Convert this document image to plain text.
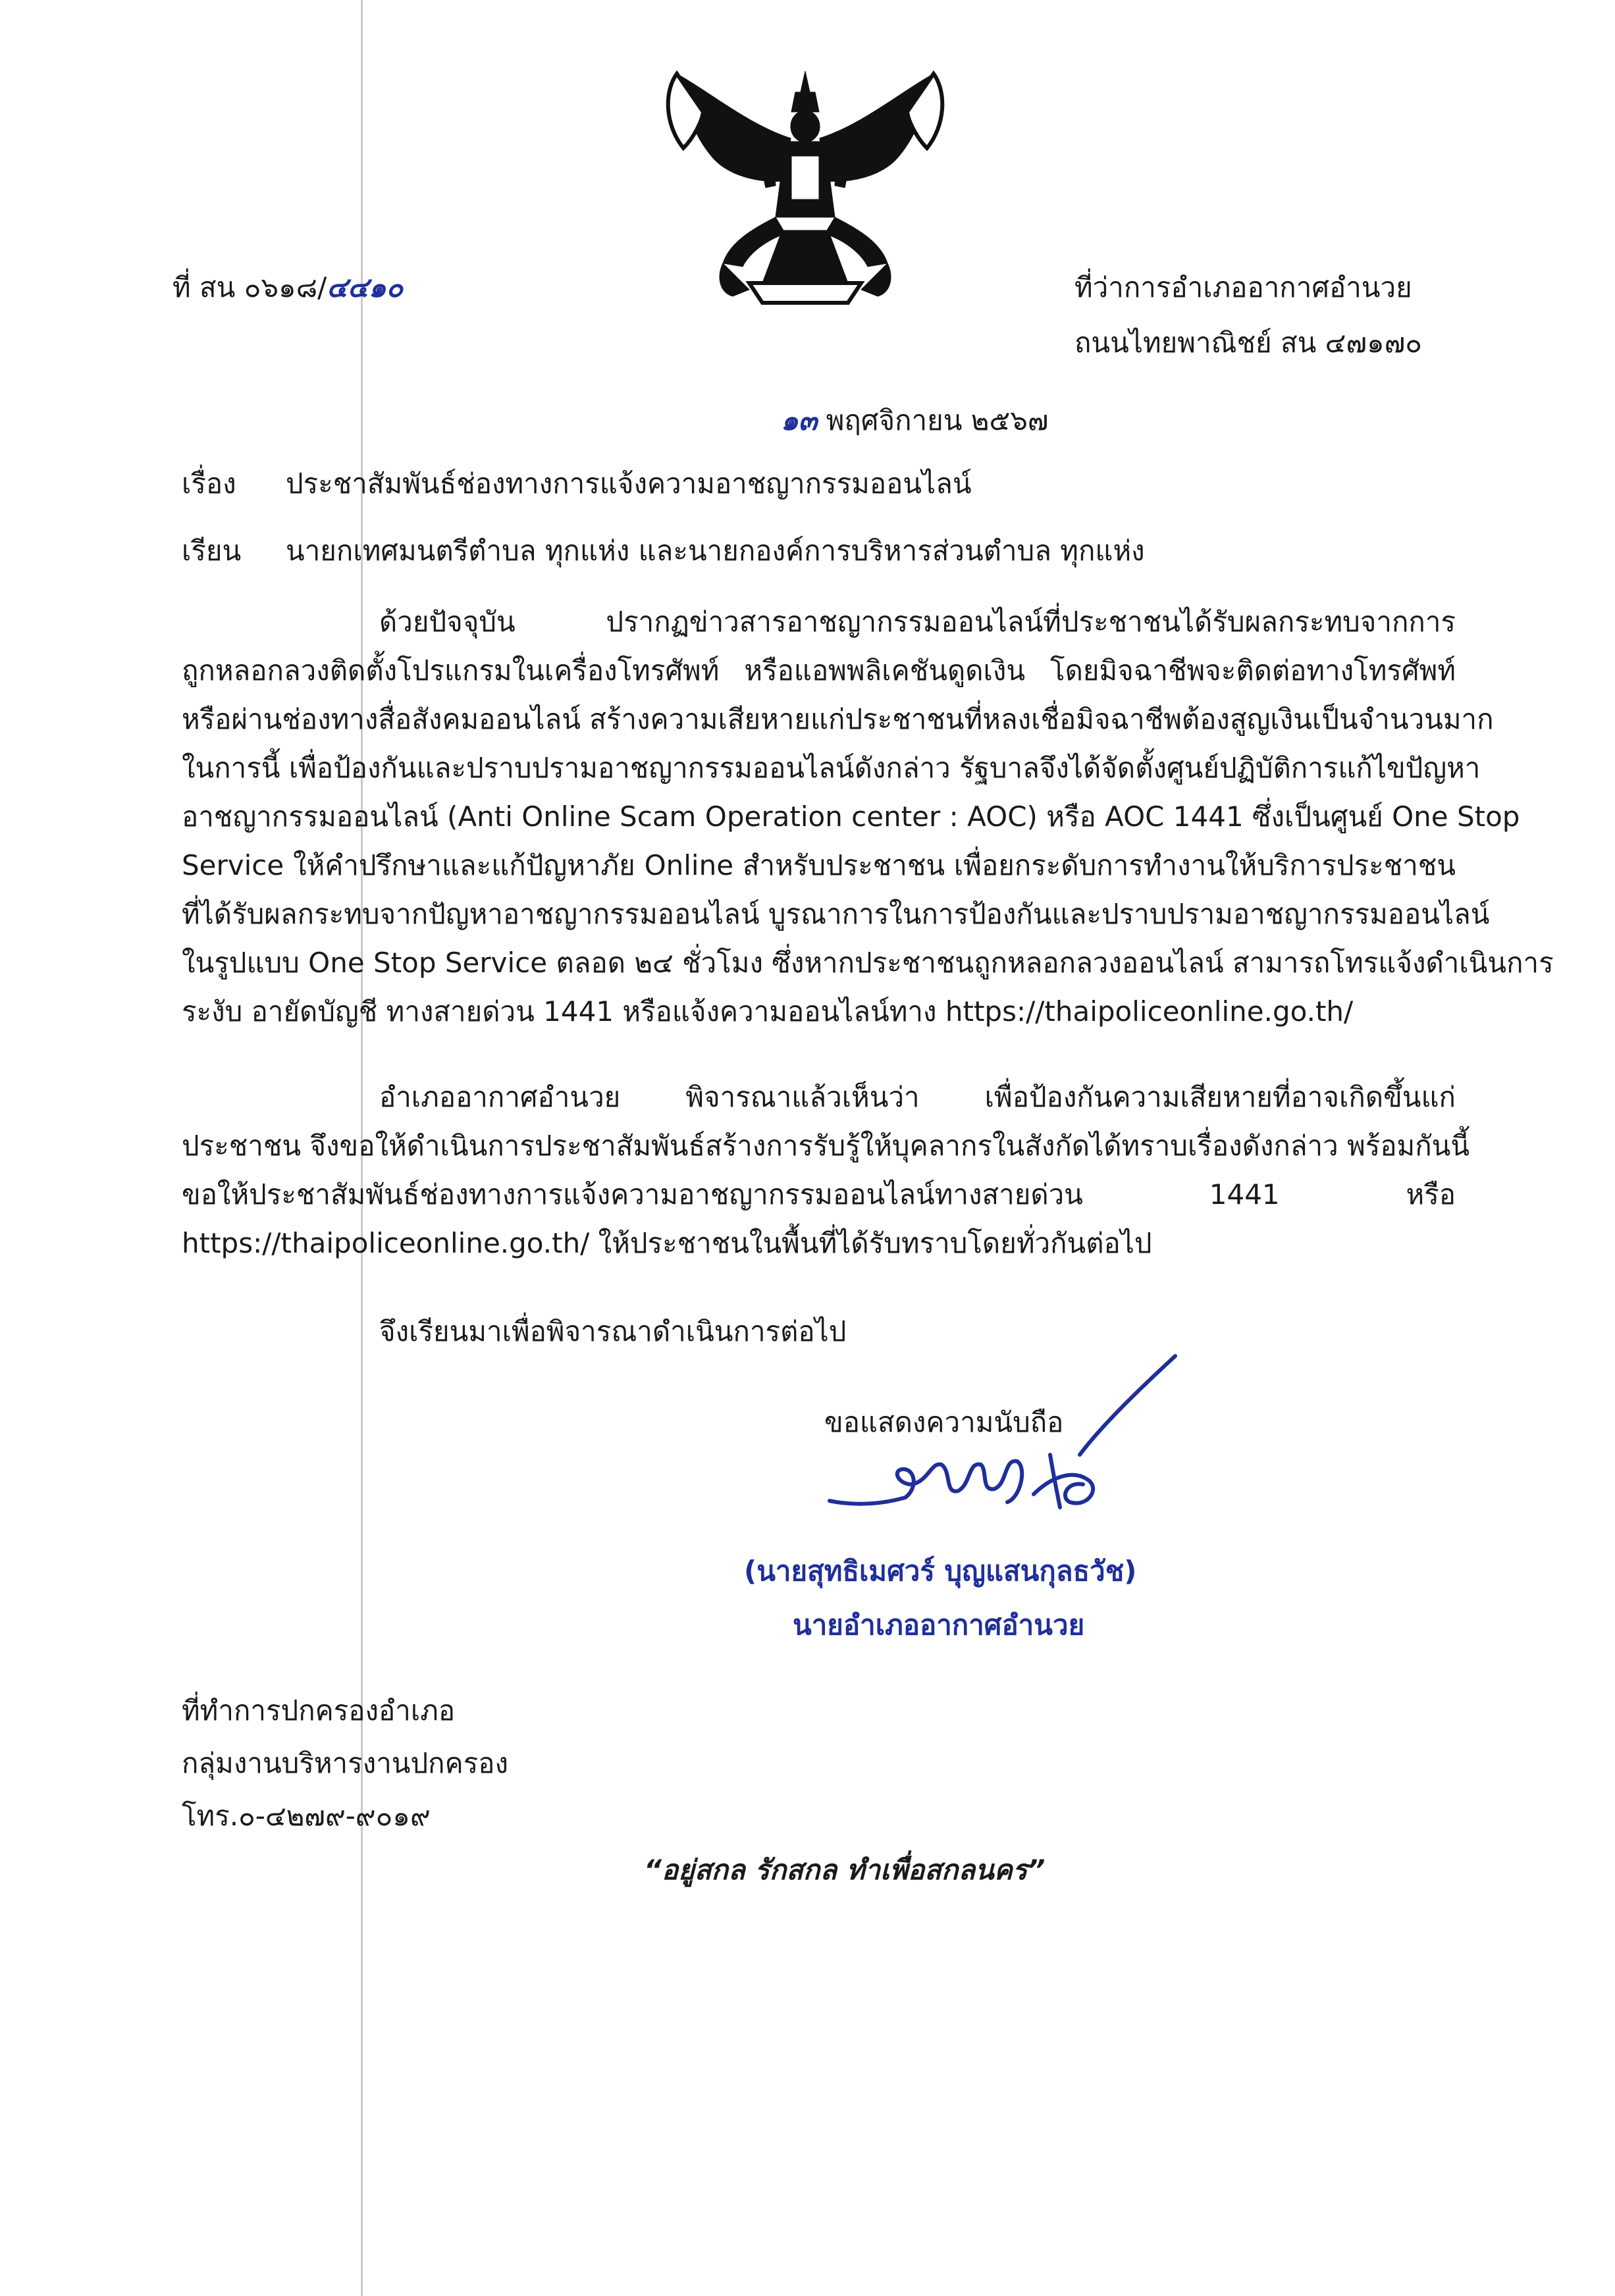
ที่ สน ๐๖๑๘/๔๔๑๐	ที่ว่าการอำเภออากาศอำนวย
ถนนไทยพาณิชย์ สน ๔๗๑๗๐
๑๓ พฤศจิกายน ๒๕๖๗
เรื่อง ประชาสัมพันธ์ช่องทางการแจ้งความอาชญากรรมออนไลน์
เรียน นายกเทศมนตรีตำบล ทุกแห่ง และนายกองค์การบริหารส่วนตำบล ทุกแห่ง
ด้วยปัจจุบัน ปรากฏข่าวสารอาชญากรรมออนไลน์ที่ประชาชนได้รับผลกระทบจากการ
ถูกหลอกลวงติดตั้งโปรแกรมในเครื่องโทรศัพท์ หรือแอพพลิเคชันดูดเงิน โดยมิจฉาชีพจะติดต่อทางโทรศัพท์
หรือผ่านช่องทางสื่อสังคมออนไลน์ สร้างความเสียหายแก่ประชาชนที่หลงเชื่อมิจฉาชีพต้องสูญเงินเป็นจำนวนมาก
ในการนี้ เพื่อป้องกันและปราบปรามอาชญากรรมออนไลน์ดังกล่าว รัฐบาลจึงได้จัดตั้งศูนย์ปฏิบัติการแก้ไขปัญหา
อาชญากรรมออนไลน์ (Anti Online Scam Operation center : AOC) หรือ AOC 1441 ซึ่งเป็นศูนย์ One Stop
Service ให้คำปรึกษาและแก้ปัญหาภัย Online สำหรับประชาชน เพื่อยกระดับการทำงานให้บริการประชาชน
ที่ได้รับผลกระทบจากปัญหาอาชญากรรมออนไลน์ บูรณาการในการป้องกันและปราบปรามอาชญากรรมออนไลน์
ในรูปแบบ One Stop Service ตลอด ๒๔ ชั่วโมง ซึ่งหากประชาชนถูกหลอกลวงออนไลน์ สามารถโทรแจ้งดำเนินการ
ระงับ อายัดบัญชี ทางสายด่วน 1441 หรือแจ้งความออนไลน์ทาง https://thaipoliceonline.go.th/
อำเภออากาศอำนวย พิจารณาแล้วเห็นว่า เพื่อป้องกันความเสียหายที่อาจเกิดขึ้นแก่
ประชาชน จึงขอให้ดำเนินการประชาสัมพันธ์สร้างการรับรู้ให้บุคลากรในสังกัดได้ทราบเรื่องดังกล่าว พร้อมกันนี้
ขอให้ประชาสัมพันธ์ช่องทางการแจ้งความอาชญากรรมออนไลน์ทางสายด่วน 1441 หรือ
https://thaipoliceonline.go.th/ ให้ประชาชนในพื้นที่ได้รับทราบโดยทั่วกันต่อไป
จึงเรียนมาเพื่อพิจารณาดำเนินการต่อไป
ขอแสดงความนับถือ
(นายสุทธิเมศวร์ บุญแสนกุลธวัช)
นายอำเภออากาศอำนวย
ที่ทำการปกครองอำเภอ
กลุ่มงานบริหารงานปกครอง
โทร.๐-๔๒๗๙-๙๐๑๙
“อยู่สกล รักสกล ทำเพื่อสกลนคร”
